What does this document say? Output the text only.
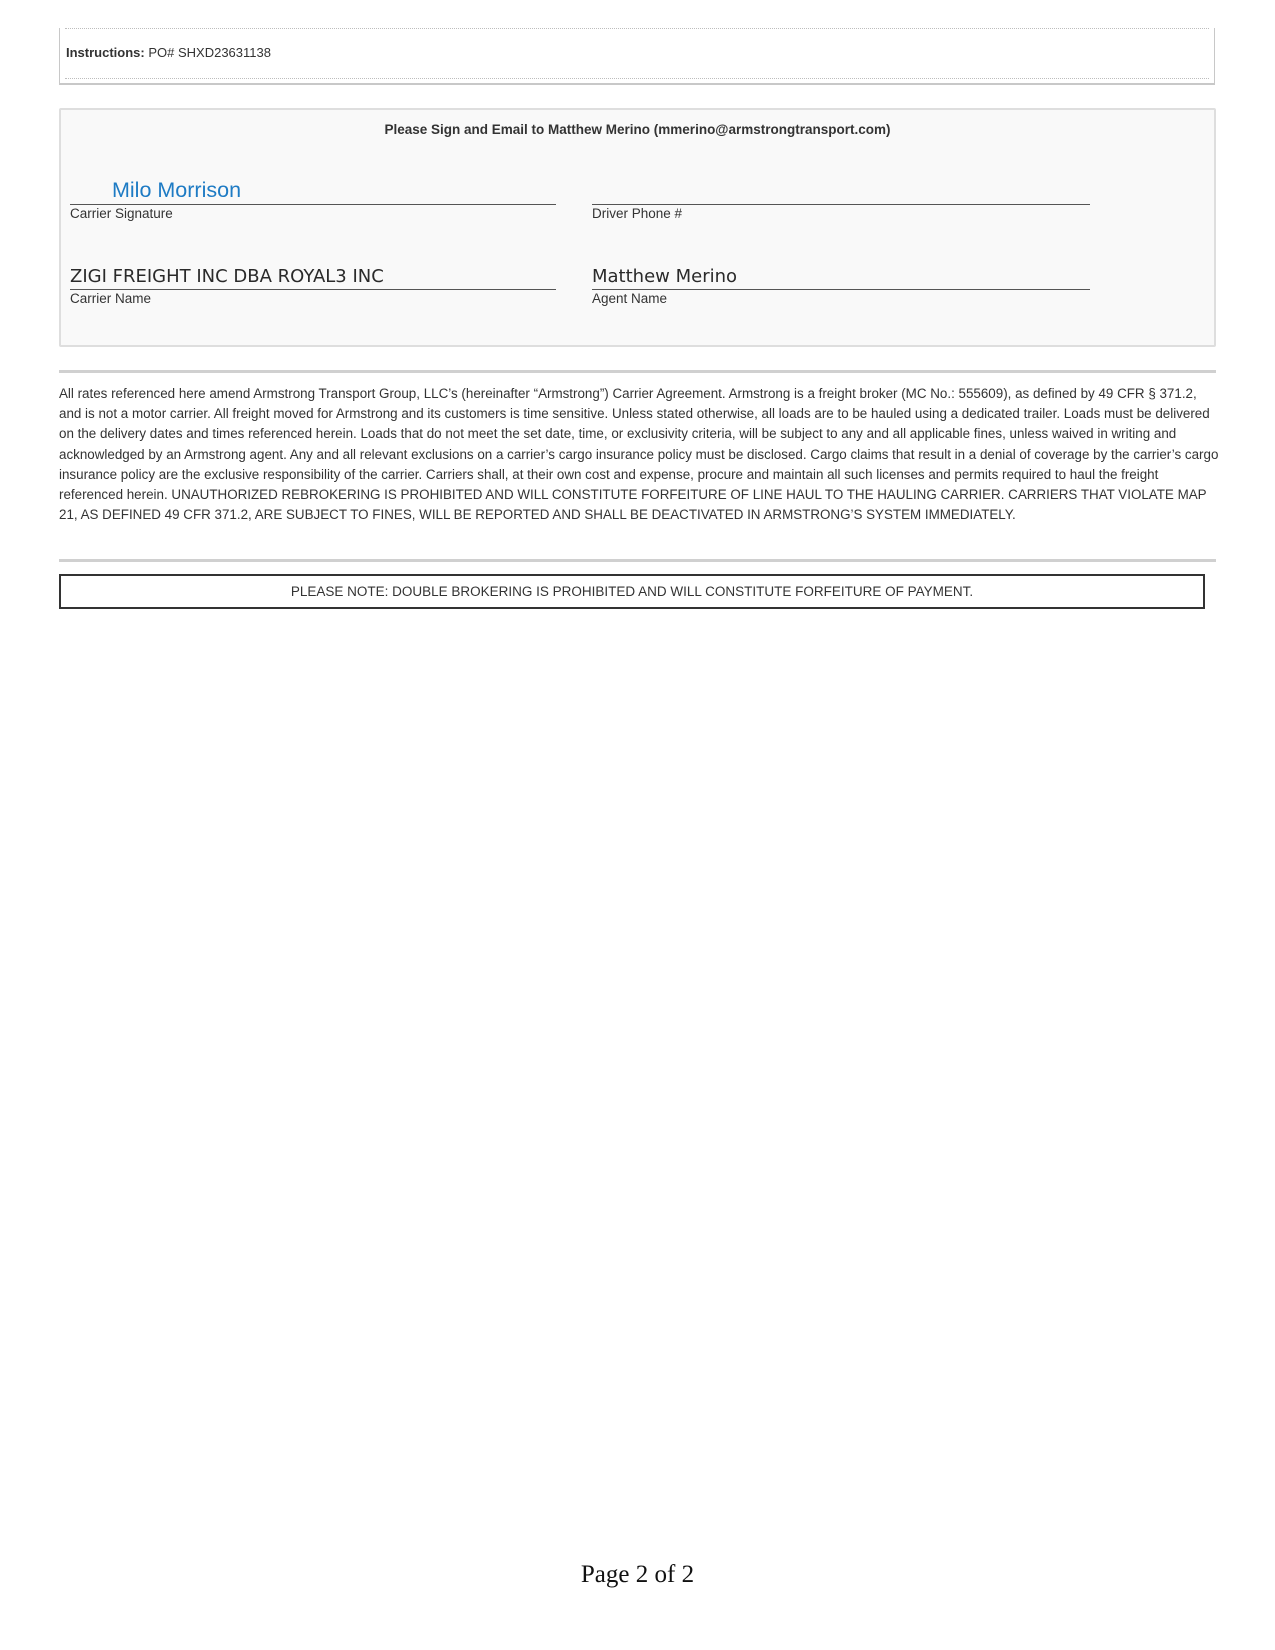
Instructions: PO# SHXD23631138
Please Sign and Email to Matthew Merino (mmerino@armstrongtransport.com)
Milo Morrison
Carrier Signature	Driver Phone #
ZIGI FREIGHT INC DBA ROYAL3 INC
Carrier Name
Matthew Merino
Agent Name
All rates referenced here amend Armstrong Transport Group, LLC’s (hereinafter “Armstrong”) Carrier Agreement. Armstrong is a freight broker (MC No.: 555609), as defined by 49 CFR § 371.2, and is not a motor carrier. All freight moved for Armstrong and its customers is time sensitive. Unless stated otherwise, all loads are to be hauled using a dedicated trailer. Loads must be delivered on the delivery dates and times referenced herein. Loads that do not meet the set date, time, or exclusivity criteria, will be subject to any and all applicable fines, unless waived in writing and acknowledged by an Armstrong agent. Any and all relevant exclusions on a carrier’s cargo insurance policy must be disclosed. Cargo claims that result in a denial of coverage by the carrier’s cargo insurance policy are the exclusive responsibility of the carrier. Carriers shall, at their own cost and expense, procure and maintain all such licenses and permits required to haul the freight referenced herein. UNAUTHORIZED REBROKERING IS PROHIBITED AND WILL CONSTITUTE FORFEITURE OF LINE HAUL TO THE HAULING CARRIER. CARRIERS THAT VIOLATE MAP 21, AS DEFINED 49 CFR 371.2, ARE SUBJECT TO FINES, WILL BE REPORTED AND SHALL BE DEACTIVATED IN ARMSTRONG’S SYSTEM IMMEDIATELY.
PLEASE NOTE: DOUBLE BROKERING IS PROHIBITED AND WILL CONSTITUTE FORFEITURE OF PAYMENT.
Page 2 of 2
